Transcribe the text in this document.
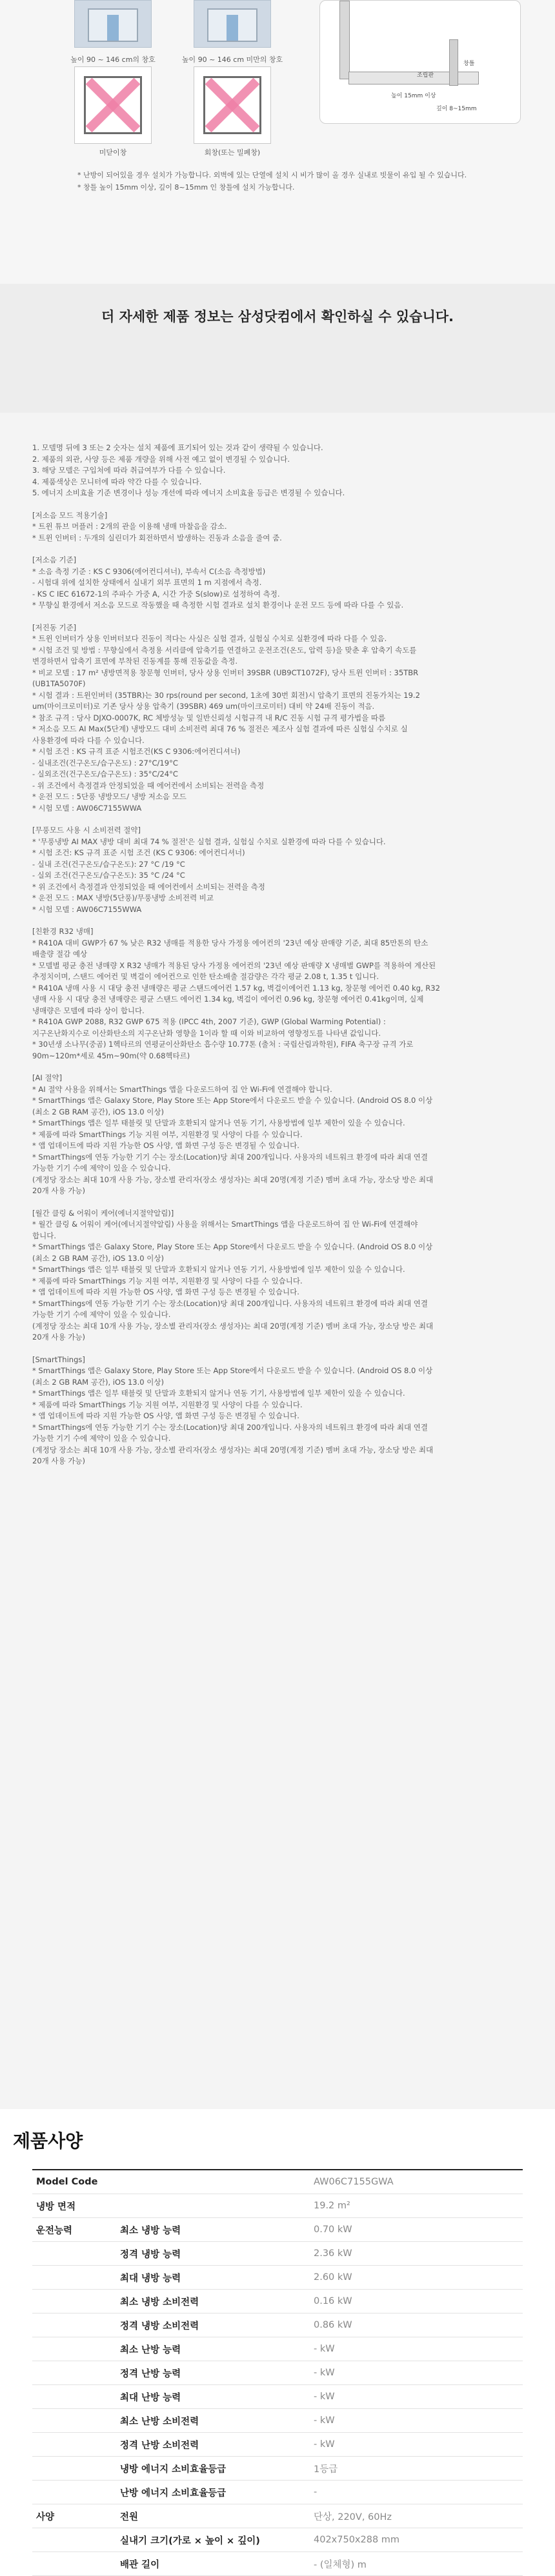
높이 90 ~ 146 cm의 창호	높이 90 ~ 146 cm 미만의 창호
미닫이창	회창(또는 밀폐창)
조립판
창틀
높이 15mm 이상
깊이 8~15mm
* 난방이 되어있을 경우 설치가 가능합니다. 외벽에 있는 단열에 설치 시 비가 많이 올 경우 실내로 빗물이 유입 될 수 있습니다.
* 창틀 높이 15mm 이상, 깊이 8~15mm 인 창틀에 설치 가능합니다.
더 자세한 제품 정보는 삼성닷컴에서 확인하실 수 있습니다.

1. 모델명 뒤에 3 또는 2 숫자는 설치 제품에 표기되어 있는 것과 같이 생략될 수 있습니다.

2. 제품의 외관, 사양 등은 제품 개량을 위해 사전 예고 없이 변경될 수 있습니다.

3. 해당 모델은 구입처에 따라 취급여부가 다를 수 있습니다.

4. 제품색상은 모니터에 따라 약간 다를 수 있습니다.

5. 에너지 소비효율 기준 변경이나 성능 개선에 따라 에너지 소비효율 등급은 변경될 수 있습니다.

[저소음 모드 적용기술]

* 트윈 튜브 머플러 : 2개의 관을 이용해 냉매 마찰음을 감소.

* 트윈 인버터 : 두개의 실린더가 회전하면서 발생하는 진동과 소음을 줄여 줌.

[저소음 기준]

* 소음 측정 기준 : KS C 9306(에어컨디셔너), 부속서 C(소음 측정방법)

- 시험대 위에 설치한 상태에서 실내기 외부 표면의 1 m 지점에서 측정.

- KS C IEC 61672-1의 주파수 가중 A, 시간 가중 S(slow)로 설정하여 측정.

* 무향실 환경에서 저소음 모드로 작동했을 때 측정한 시험 결과로 설치 환경이나 운전 모드 등에 따라 다를 수 있음.

[저진동 기준]

* 트윈 인버터가 상용 인버터보다 진동이 적다는 사실은 실험 결과, 실험실 수치로 실환경에 따라 다를 수 있음.

* 시험 조건 및 방법 : 무향실에서 측정용 서리클에 압축기를 연결하고 운전조건(온도, 압력 등)을 맞춘 후 압축기 속도를

변경하면서 압축기 표면에 부착된 진동계를 통해 진동값을 측정.

* 비교 모델 : 17 m² 냉방면적용 창문형 인버터, 당사 상용 인버터 39SBR (UB9CT1072F), 당사 트윈 인버터 : 35TBR

(UB1TA5070F)

* 시험 결과 : 트윈인버터 (35TBR)는 30 rps(round per second, 1초에 30번 회전)시 압축기 표면의 진동가치는 19.2

um(마이크로미터)로 기존 당사 상용 압축기 (39SBR) 469 um(마이크로미터) 대비 약 24배 진동이 적음.

* 참조 규격 : 당사 DJXO-0007K, RC 체방성능 및 일반신뢰성 시험규격 내 R/C 진동 시험 규격 평가법을 따름

* 저소음 모드 AI Max(5단계) 냉방모드 대비 소비전력 최대 76 % 절전은 제조사 실험 결과에 따른 실험실 수치로 실

사용환경에 따라 다를 수 있습니다.

* 시험 조건 : KS 규격 표준 시험조건(KS C 9306:에어컨디셔너)

- 실내조건(건구온도/습구온도) : 27°C/19°C

- 실외조건(건구온도/습구온도) : 35°C/24°C

- 위 조건에서 측정결과 안정되었을 때 에어컨에서 소비되는 전력을 측정

* 운전 모드 : 5단풍 냉방모드/ 냉방 저소음 모드

* 시험 모델 : AW06C7155WWA

[무풍모드 사용 시 소비전력 절약]

* '무풍냉방 AI MAX 냉방 대비 최대 74 % 절전'은 실험 결과, 실험실 수치로 실환경에 따라 다를 수 있습니다.

* 시험 조건: KS 규격 표준 시험 조건 (KS C 9306: 에어컨디셔너)

- 실내 조건(건구온도/습구온도): 27 °C /19 °C

- 실외 조건(건구온도/습구온도): 35 °C /24 °C

* 위 조건에서 측정결과 안정되었을 때 에어컨에서 소비되는 전력을 측정

* 운전 모드 : MAX 냉방(5단풍)/무풍냉방 소비전력 비교

* 시험 모델 : AW06C7155WWA

[친환경 R32 냉매]

* R410A 대비 GWP가 67 % 낮은 R32 냉매를 적용한 당사 가정용 에어컨의 '23년 예상 판매량 기준, 최대 85만톤의 탄소

배출량 절감 예상

* 모델별 평균 충전 냉매량 X R32 냉매가 적용된 당사 가정용 에어컨의 '23년 예상 판매량 X 냉매별 GWP를 적용하여 계산된

추정치이며, 스탠드 에어컨 및 벽걸이 에어컨으로 인한 탄소배출 절감량은 각각 평균 2.08 t, 1.35 t 입니다.

* R410A 냉매 사용 시 대당 충전 냉매량은 평균 스탠드에어컨 1.57 kg, 벽걸이에어컨 1.13 kg, 창문형 에어컨 0.40 kg, R32

냉매 사용 시 대당 충전 냉매량은 평균 스탠드 에어컨 1.34 kg, 벽걸이 에어컨 0.96 kg, 창문형 에어컨 0.41kg이며, 실제

냉매량은 모델에 따라 상이 합니다.

* R410A GWP 2088, R32 GWP 675 적용 (IPCC 4th, 2007 기준), GWP (Global Warming Potential) :

지구온난화지수로 이산화탄소의 지구온난화 영향을 1이라 할 때 이와 비교하여 영향정도를 나타낸 값입니다.

* 30년생 소나무(중곰) 1헥타르의 연평균이산화탄소 흡수량 10.77톤 (출처 : 국립산림과학원), FIFA 축구장 규격 가로

90m~120m*세로 45m~90m(약 0.68헥타르)

[AI 절약]

* AI 절약 사용을 위해서는 SmartThings 앱을 다운로드하여 집 안 Wi-Fi에 연결해야 합니다.

* SmartThings 앱은 Galaxy Store, Play Store 또는 App Store에서 다운로드 받을 수 있습니다. (Android OS 8.0 이상

(최소 2 GB RAM 공간), iOS 13.0 이상)

* SmartThings 앱은 일부 태블릿 및 단말과 호환되지 않거나 연동 기기, 사용방법에 일부 제한이 있을 수 있습니다.

* 제품에 따라 SmartThings 기능 지원 여부, 지원환경 및 사양이 다를 수 있습니다.

* 앱 업데이트에 따라 지원 가능한 OS 사양, 앱 화면 구성 등은 변경될 수 있습니다.

* SmartThings에 연동 가능한 기기 수는 장소(Location)당 최대 200개입니다. 사용자의 네트워크 환경에 따라 최대 연결

가능한 기기 수에 제약이 있을 수 있습니다.

(계정당 장소는 최대 10개 사용 가능, 장소별 관리자(장소 생성자)는 최대 20명(계정 기준) 멤버 초대 가능, 장소당 방은 최대

20개 사용 가능)

[월간 클링 & 어워이 케어(에너지절약알림)]

* 월간 클링 & 어워이 케어(에너지절약알림) 사용을 위해서는 SmartThings 앱을 다운로드하여 집 안 Wi-Fi에 연결해야

합니다.

* SmartThings 앱은 Galaxy Store, Play Store 또는 App Store에서 다운로드 받을 수 있습니다. (Android OS 8.0 이상

(최소 2 GB RAM 공간), iOS 13.0 이상)

* SmartThings 앱은 일부 태블릿 및 단말과 호환되지 않거나 연동 기기, 사용방법에 일부 제한이 있을 수 있습니다.

* 제품에 따라 SmartThings 기능 지원 여부, 지원환경 및 사양이 다를 수 있습니다.

* 앱 업데이트에 따라 지원 가능한 OS 사양, 앱 화면 구성 등은 변경될 수 있습니다.

* SmartThings에 연동 가능한 기기 수는 장소(Location)당 최대 200개입니다. 사용자의 네트워크 환경에 따라 최대 연결

가능한 기기 수에 제약이 있을 수 있습니다.

(계정당 장소는 최대 10개 사용 가능, 장소별 관리자(장소 생성자)는 최대 20명(계정 기준) 멤버 초대 가능, 장소당 방은 최대

20개 사용 가능)

[SmartThings]

* SmartThings 앱은 Galaxy Store, Play Store 또는 App Store에서 다운로드 받을 수 있습니다. (Android OS 8.0 이상

(최소 2 GB RAM 공간), iOS 13.0 이상)

* SmartThings 앱은 일부 태블릿 및 단말과 호환되지 않거나 연동 기기, 사용방법에 일부 제한이 있을 수 있습니다.

* 제품에 따라 SmartThings 기능 지원 여부, 지원환경 및 사양이 다를 수 있습니다.

* 앱 업데이트에 따라 지원 가능한 OS 사양, 앱 화면 구성 등은 변경될 수 있습니다.

* SmartThings에 연동 가능한 기기 수는 장소(Location)당 최대 200개입니다. 사용자의 네트워크 환경에 따라 최대 연결

가능한 기기 수에 제약이 있을 수 있습니다.

(계정당 장소는 최대 10개 사용 가능, 장소별 관리자(장소 생성자)는 최대 20명(계정 기준) 멤버 초대 가능, 장소당 방은 최대

20개 사용 가능)

제품사양
Model Code		AW06C7155GWA
냉방 면적		19.2 m²
운전능력	최소 냉방 능력	0.70 kW
	정격 냉방 능력	2.36 kW
	최대 냉방 능력	2.60 kW
	최소 냉방 소비전력	0.16 kW
	정격 냉방 소비전력	0.86 kW
	최소 난방 능력	- kW
	정격 난방 능력	- kW
	최대 난방 능력	- kW
	최소 난방 소비전력	- kW
	정격 난방 소비전력	- kW
	냉방 에너지 소비효율등급	1등급
	난방 에너지 소비효율등급	-
사양	전원	단상, 220V, 60Hz
	실내기 크기(가로 × 높이 × 깊이)	402x750x288 mm
	배관 길이	- (일체형) m
